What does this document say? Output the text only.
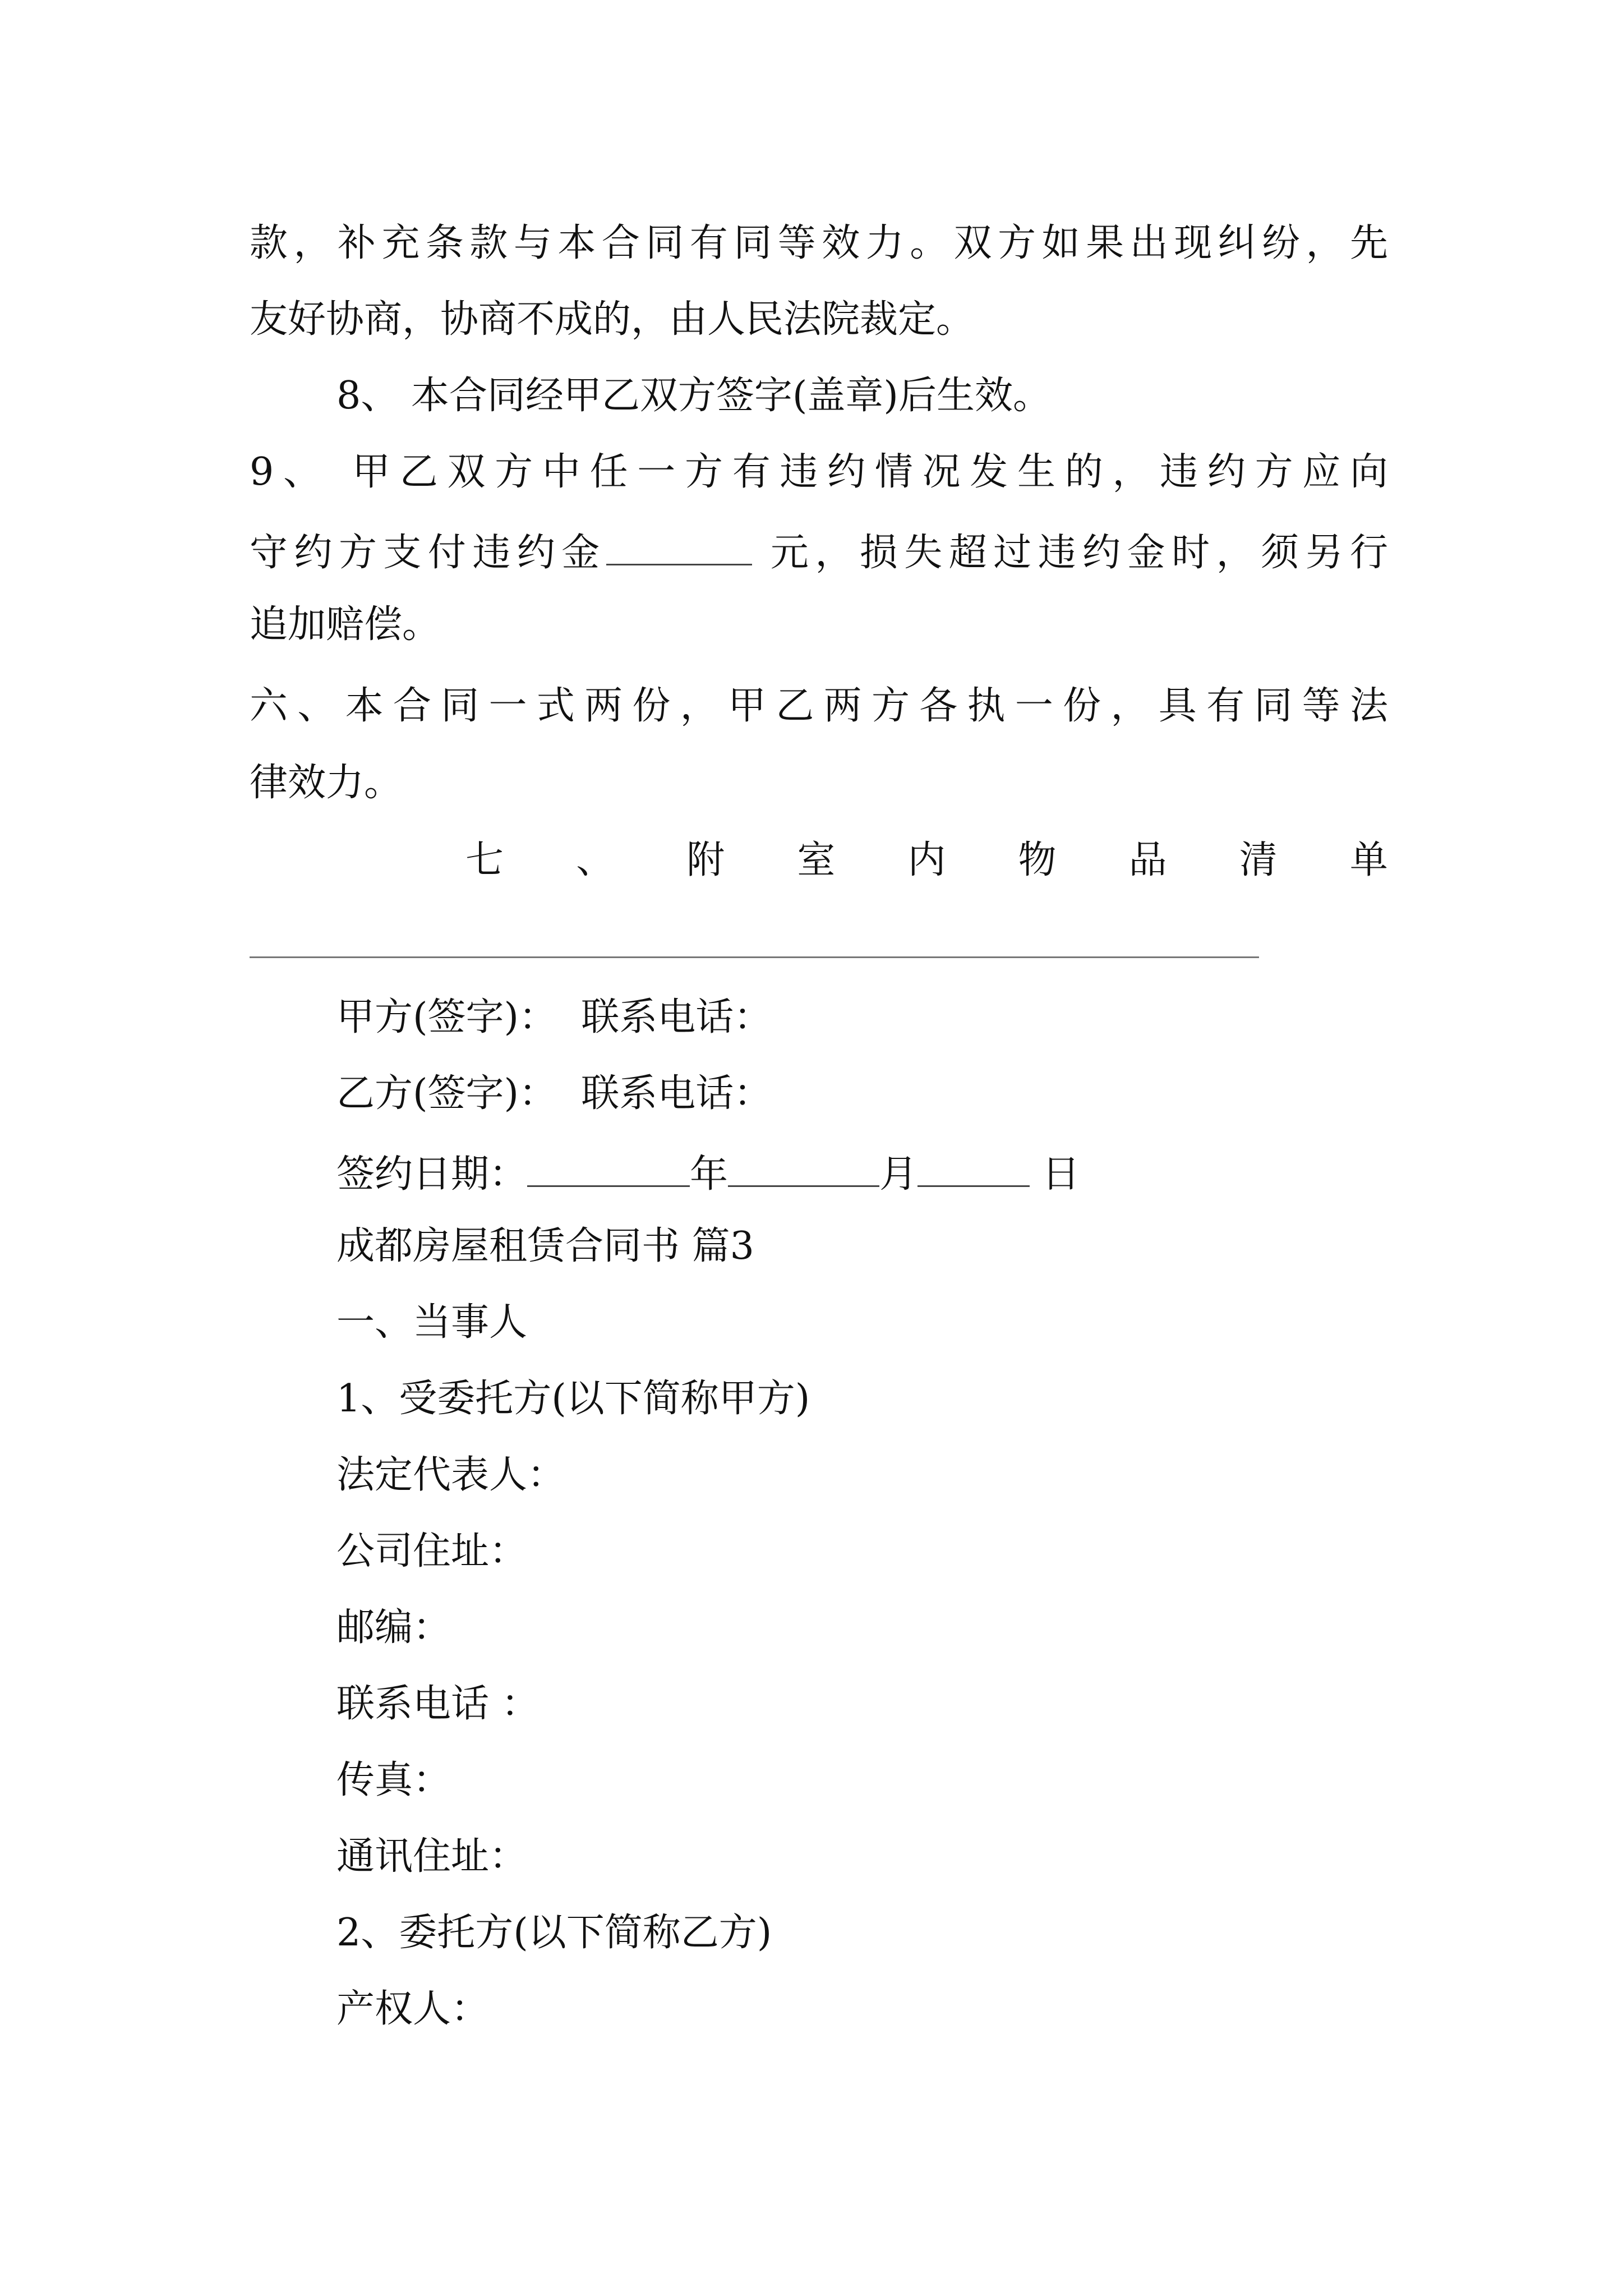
款，补充条款与本合同有同等效力。双方如果出现纠纷，先
友好协商，协商不成的，由人民法院裁定。
8、 本合同经甲乙双方签字(盖章)后生效。
9、 甲乙双方中任一方有违约情况发生的，违约方应向
守约方支付违约金	元，损失超过违约金时，须另行
追加赔偿。
六、本合同一式两份，甲乙两方各执一份，具有同等法
律效力。
七 、 附 室 内 物 品 清 单
甲方(签字)：  联系电话：
乙方(签字)：  联系电话：
签约日期：	年	月	日
成都房屋租赁合同书 篇3
一、当事人
1、受委托方(以下简称甲方)
法定代表人：
公司住址：
邮编：
联系电话 ：
传真：
通讯住址：
2、委托方(以下简称乙方)
产权人：
